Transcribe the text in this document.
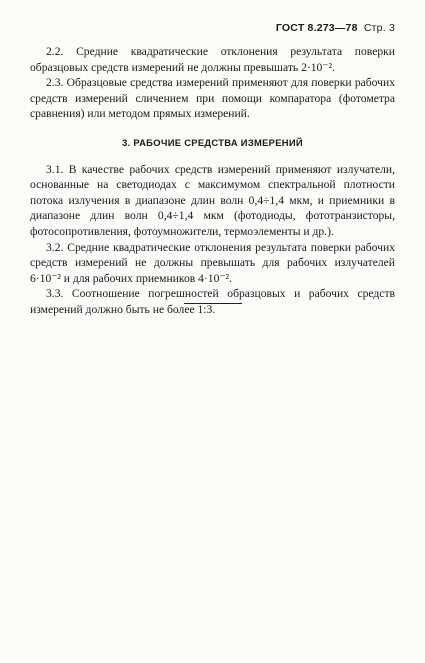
ГОСТ 8.273—78 Стр. 3

2.2. Средние квадратические отклонения результата поверки образцовых средств измерений не должны превышать 2·10⁻².

2.3. Образцовые средства измерений применяют для поверки рабочих средств измерений сличением при помощи компаратора (фотометра сравнения) или методом прямых измерений.

3. РАБОЧИЕ СРЕДСТВА ИЗМЕРЕНИЙ

3.1. В качестве рабочих средств измерений применяют излучатели, основанные на светодиодах с максимумом спектральной плотности потока излучения в диапазоне длин волн 0,4÷1,4 мкм, и приемники в диапазоне длин волн 0,4÷1,4 мкм (фотодиоды, фототранзисторы, фотосопротивления, фотоумножители, термоэлементы и др.).

3.2. Средние квадратические отклонения результата поверки рабочих средств измерений не должны превышать для рабочих излучателей 6·10⁻² и для рабочих приемников 4·10⁻².

3.3. Соотношение погрешностей образцовых и рабочих средств измерений должно быть не более 1:3.
